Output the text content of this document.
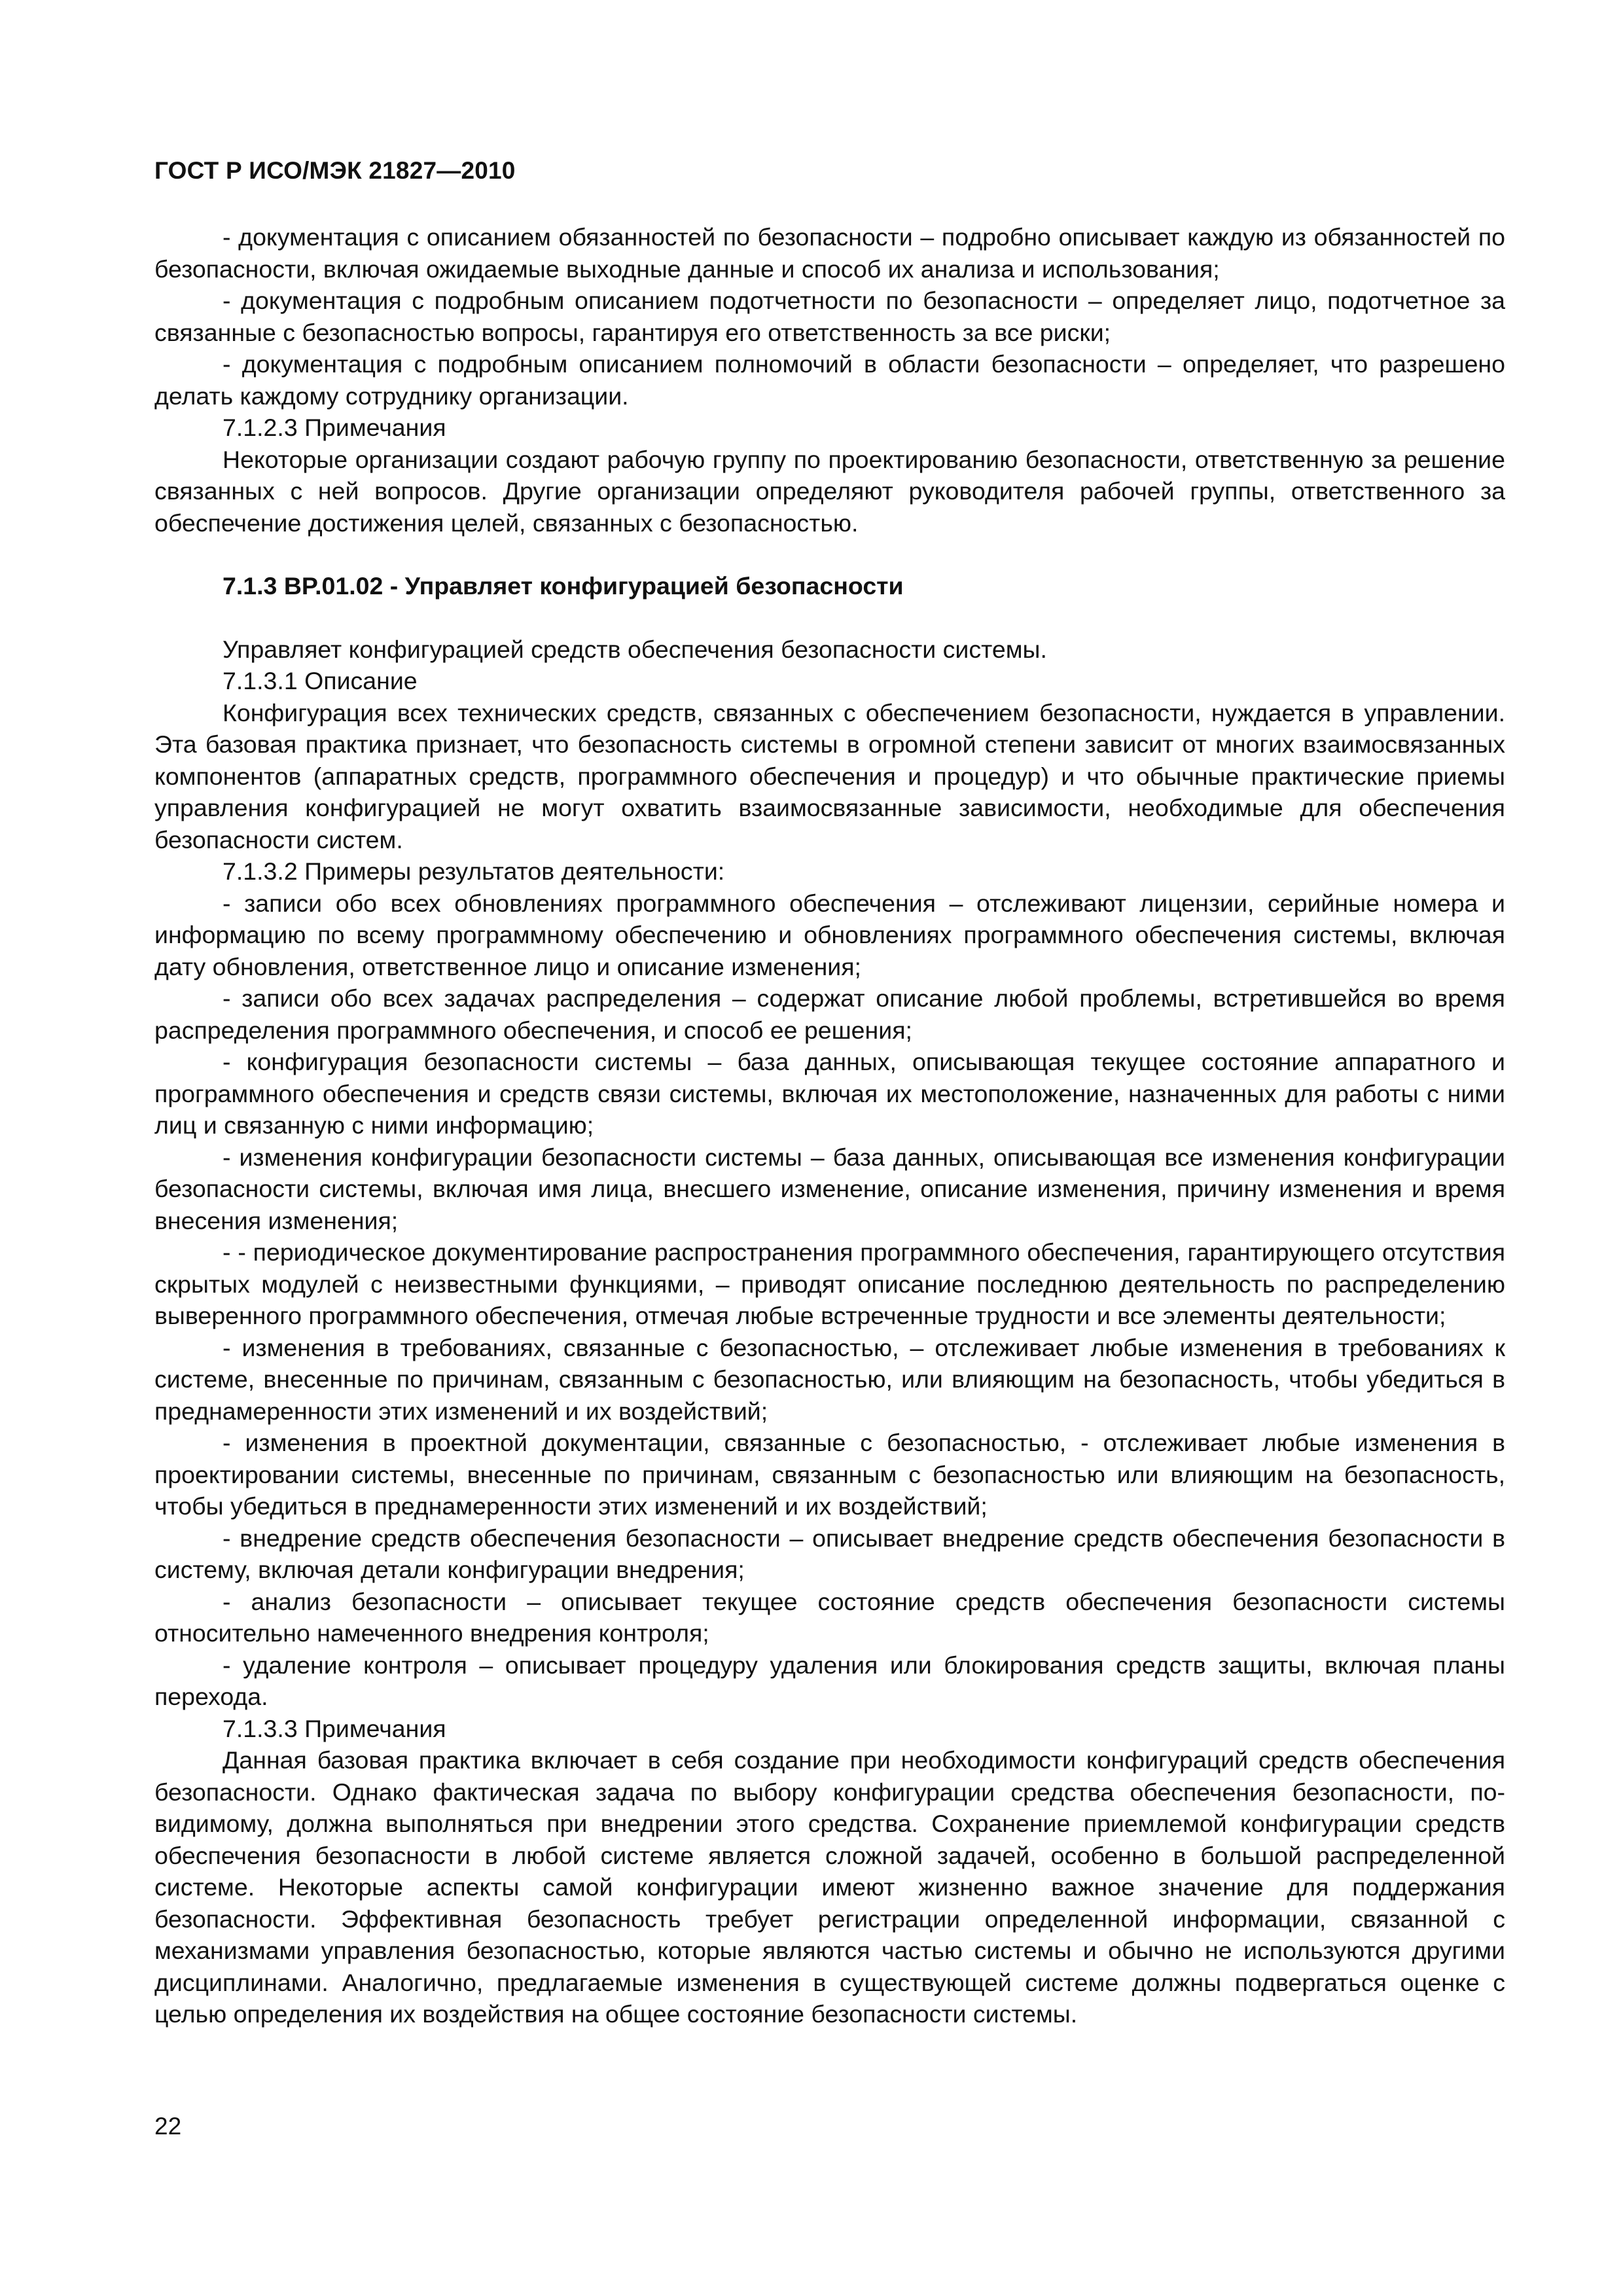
ГОСТ Р ИСО/МЭК 21827—2010

- документация с описанием обязанностей по безопасности – подробно описывает каждую из обязанностей по безопасности, включая ожидаемые выходные данные и способ их анализа и использования;

- документация с подробным описанием подотчетности по безопасности – определяет лицо, подотчетное за связанные с безопасностью вопросы, гарантируя его ответственность за все риски;

- документация с подробным описанием полномочий в области безопасности – определяет, что разрешено делать каждому сотруднику организации.

7.1.2.3 Примечания

Некоторые организации создают рабочую группу по проектированию безопасности, ответственную за решение связанных с ней вопросов. Другие организации определяют руководителя рабочей группы, ответственного за обеспечение достижения целей, связанных с безопасностью.

7.1.3 BP.01.02 - Управляет конфигурацией безопасности

Управляет конфигурацией средств обеспечения безопасности системы.

7.1.3.1 Описание

Конфигурация всех технических средств, связанных с обеспечением безопасности, нуждается в управлении. Эта базовая практика признает, что безопасность системы в огромной степени зависит от многих взаимосвязанных компонентов (аппаратных средств, программного обеспечения и процедур) и что обычные практические приемы управления конфигурацией не могут охватить взаимосвязанные зависимости, необходимые для обеспечения безопасности систем.

7.1.3.2 Примеры результатов деятельности:

- записи обо всех обновлениях программного обеспечения – отслеживают лицензии, серийные номера и информацию по всему программному обеспечению и обновлениях программного обеспечения системы, включая дату обновления, ответственное лицо и описание изменения;

- записи обо всех задачах распределения – содержат описание любой проблемы, встретившейся во время распределения программного обеспечения, и способ ее решения;

- конфигурация безопасности системы – база данных, описывающая текущее состояние аппаратного и программного обеспечения и средств связи системы, включая их местоположение, назначенных для работы с ними лиц и связанную с ними информацию;

- изменения конфигурации безопасности системы – база данных, описывающая все изменения конфигурации безопасности системы, включая имя лица, внесшего изменение, описание изменения, причину изменения и время внесения изменения;

- - периодическое документирование распространения программного обеспечения, гарантирующего отсутствия скрытых модулей с неизвестными функциями, – приводят описание последнюю деятельность по распределению выверенного программного обеспечения, отмечая любые встреченные трудности и все элементы деятельности;

- изменения в требованиях, связанные с безопасностью, – отслеживает любые изменения в требованиях к системе, внесенные по причинам, связанным с безопасностью, или влияющим на безопасность, чтобы убедиться в преднамеренности этих изменений и их воздействий;

- изменения в проектной документации, связанные с безопасностью, - отслеживает любые изменения в проектировании системы, внесенные по причинам, связанным с безопасностью или влияющим на безопасность, чтобы убедиться в преднамеренности этих изменений и их воздействий;

- внедрение средств обеспечения безопасности – описывает внедрение средств обеспечения безопасности в систему, включая детали конфигурации внедрения;

- анализ безопасности – описывает текущее состояние средств обеспечения безопасности системы относительно намеченного внедрения контроля;

- удаление контроля – описывает процедуру удаления или блокирования средств защиты, включая планы перехода.

7.1.3.3 Примечания

Данная базовая практика включает в себя создание при необходимости конфигураций средств обеспечения безопасности. Однако фактическая задача по выбору конфигурации средства обеспечения безопасности, по-видимому, должна выполняться при внедрении этого средства. Сохранение приемлемой конфигурации средств обеспечения безопасности в любой системе является сложной задачей, особенно в большой распределенной системе. Некоторые аспекты самой конфигурации имеют жизненно важное значение для поддержания безопасности. Эффективная безопасность требует регистрации определенной информации, связанной с механизмами управления безопасностью, которые являются частью системы и обычно не используются другими дисциплинами. Аналогично, предлагаемые изменения в существующей системе должны подвергаться оценке с целью определения их воздействия на общее состояние безопасности системы.

22
